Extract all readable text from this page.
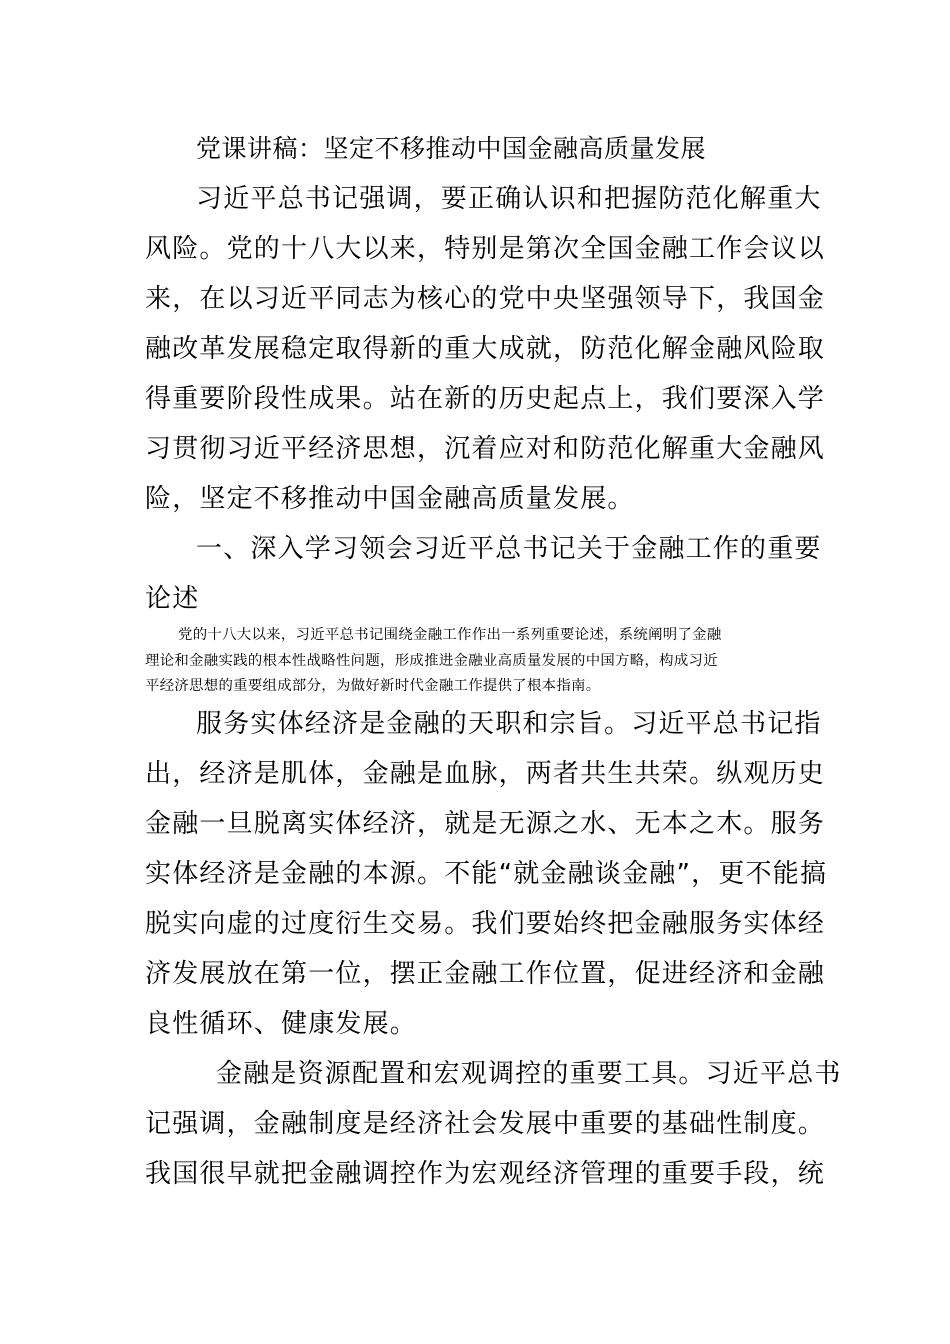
党课讲稿：坚定不移推动中国金融高质量发展
习近平总书记强调，要正确认识和把握防范化解重大
风险。党的十八大以来，特别是第次全国金融工作会议以
来，在以习近平同志为核心的党中央坚强领导下，我国金
融改革发展稳定取得新的重大成就，防范化解金融风险取
得重要阶段性成果。站在新的历史起点上，我们要深入学
习贯彻习近平经济思想，沉着应对和防范化解重大金融风
险，坚定不移推动中国金融高质量发展。
一、深入学习领会习近平总书记关于金融工作的重要
论述
党的十八大以来，习近平总书记围绕金融工作作出一系列重要论述，系统阐明了金融
理论和金融实践的根本性战略性问题，形成推进金融业高质量发展的中国方略，构成习近
平经济思想的重要组成部分，为做好新时代金融工作提供了根本指南。
服务实体经济是金融的天职和宗旨。习近平总书记指
出，经济是肌体，金融是血脉，两者共生共荣。纵观历史
金融一旦脱离实体经济，就是无源之水、无本之木。服务
实体经济是金融的本源。不能“就金融谈金融”，更不能搞
脱实向虚的过度衍生交易。我们要始终把金融服务实体经
济发展放在第一位，摆正金融工作位置，促进经济和金融
良性循环、健康发展。
金融是资源配置和宏观调控的重要工具。习近平总书
记强调，金融制度是经济社会发展中重要的基础性制度。
我国很早就把金融调控作为宏观经济管理的重要手段，统
